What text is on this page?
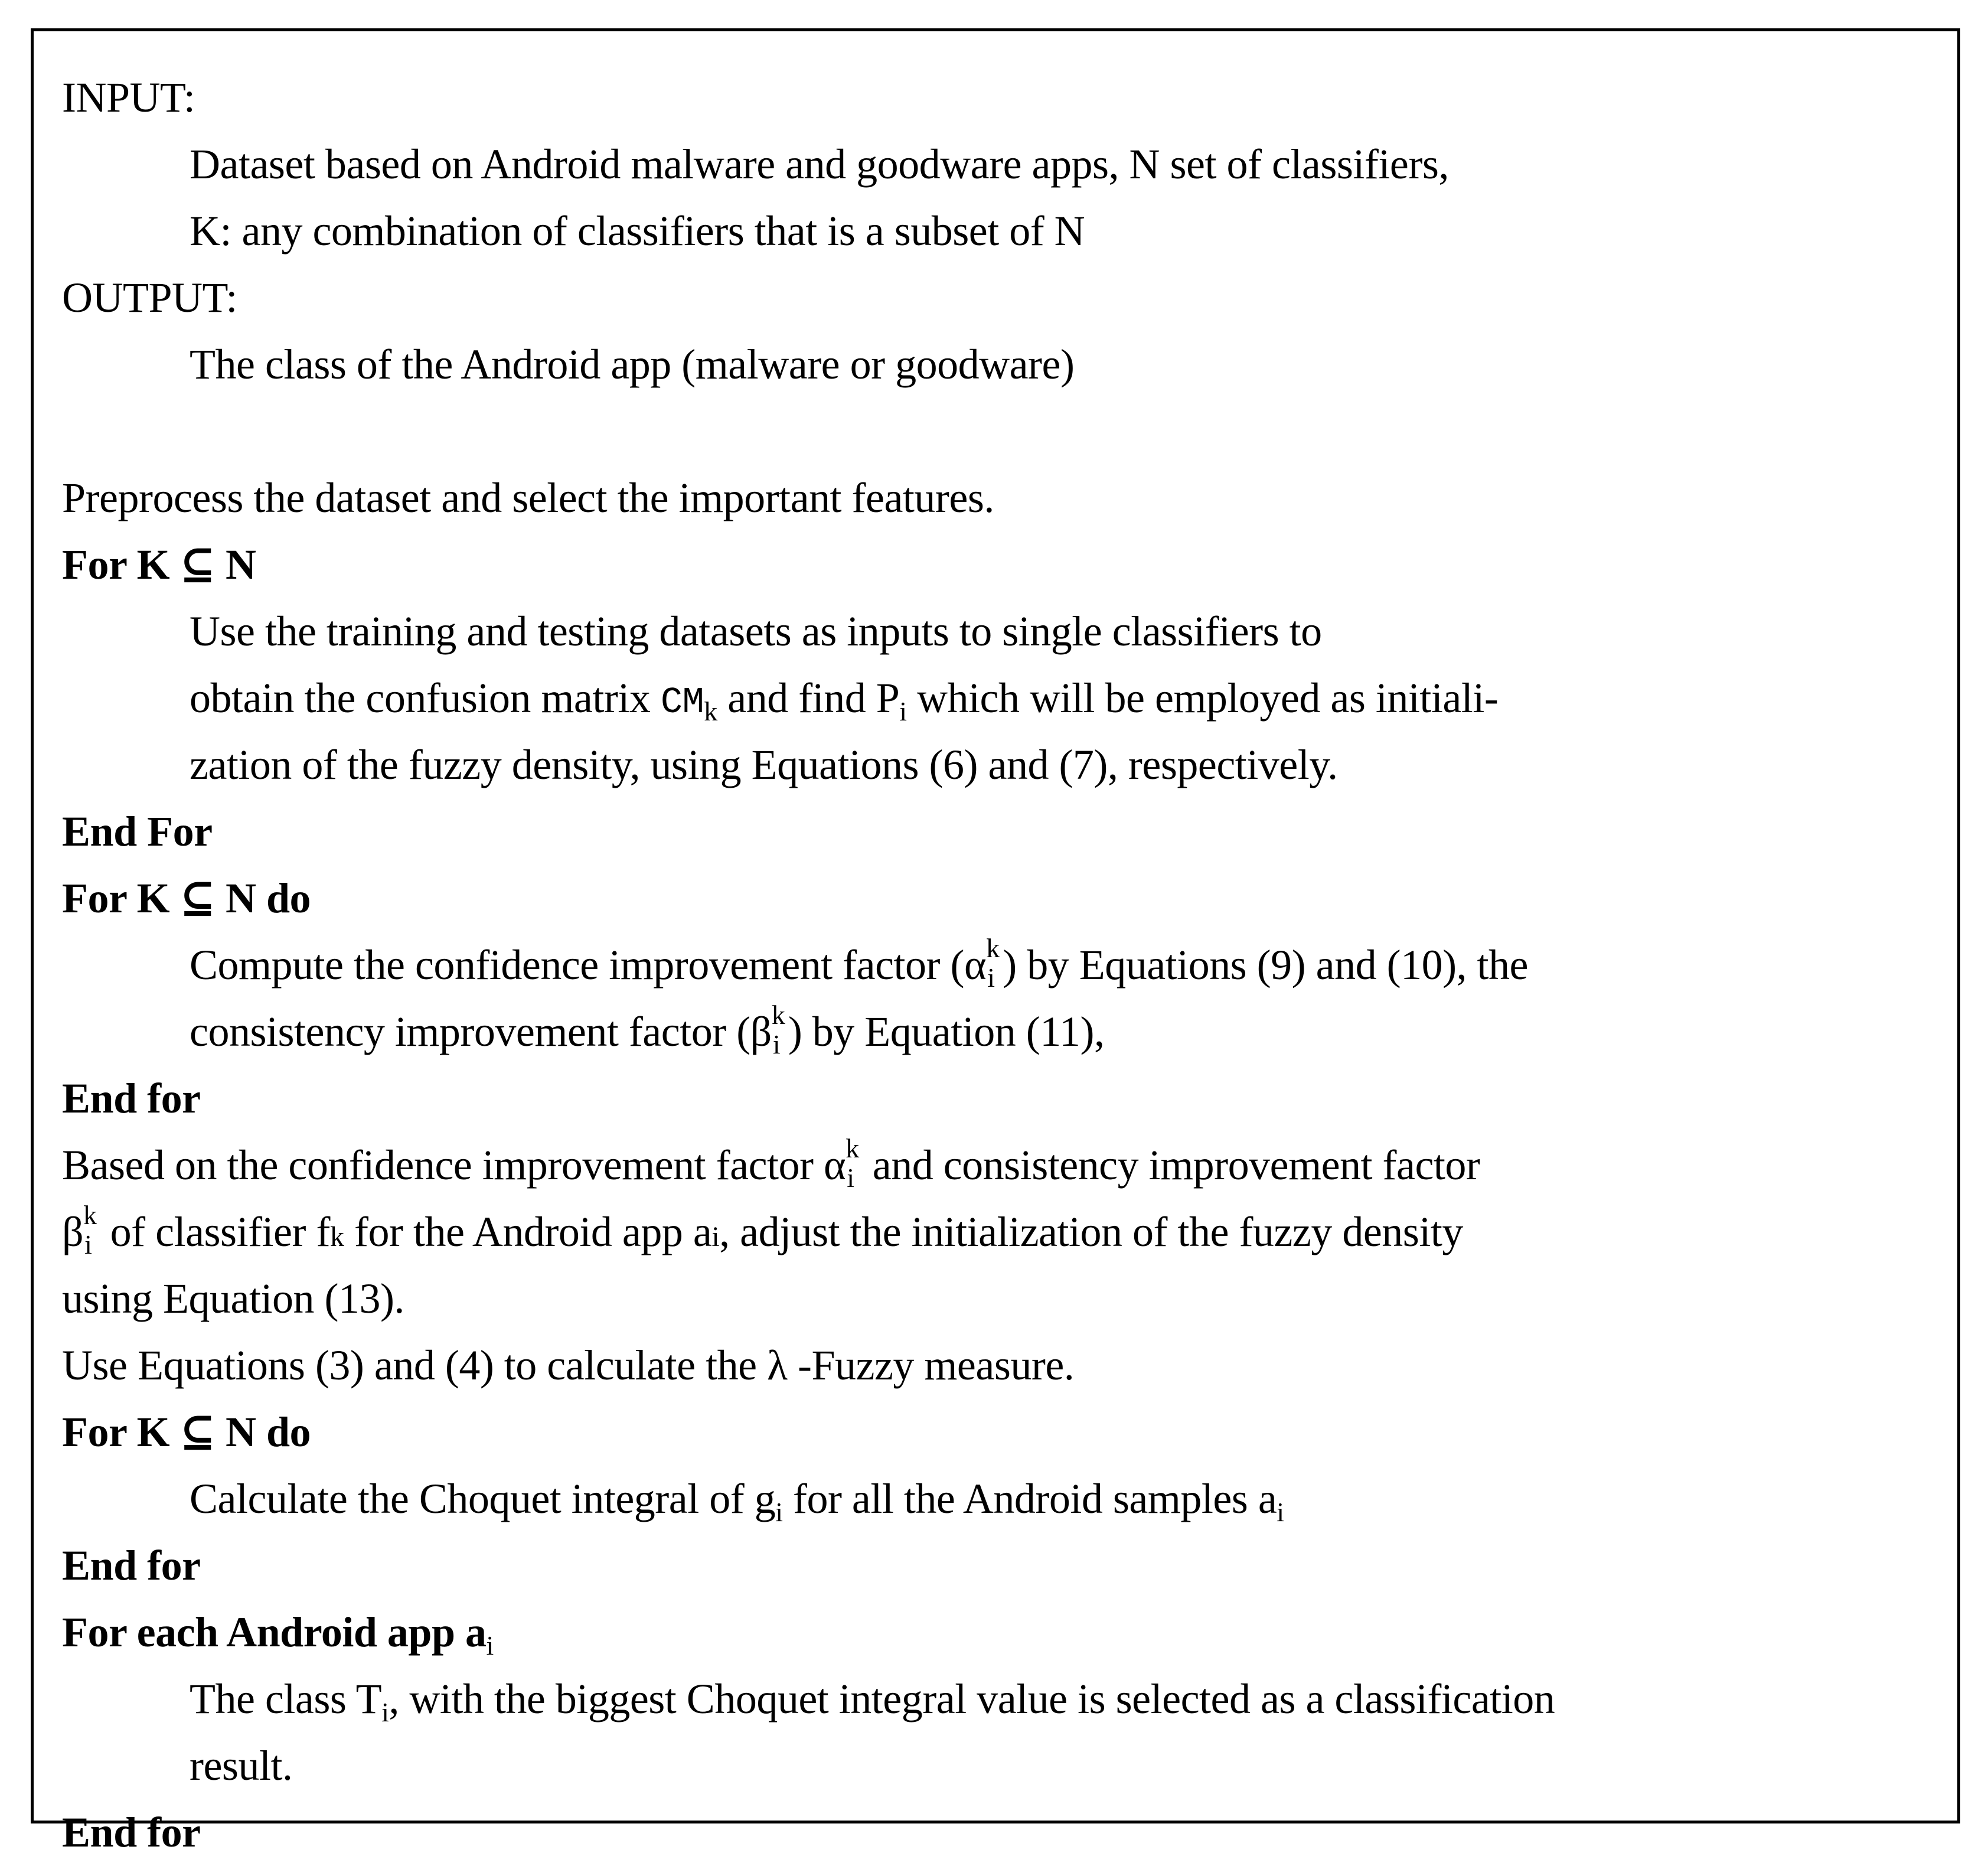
INPUT:
Dataset based on Android malware and goodware apps, N set of classifiers,
K: any combination of classifiers that is a subset of N
OUTPUT:
The class of the Android app (malware or goodware)
Preprocess the dataset and select the important features.
For K ⊆ N
Use the training and testing datasets as inputs to single classifiers to
obtain the confusion matrix $CM_k$ and find $P_i$ which will be employed as initiali-
zation of the fuzzy density, using Equations (6) and (7), respectively.
End For
For K ⊆ N do
Compute the confidence improvement factor (α k
i ) by Equations (9) and (10), the
consistency improvement factor (β k
i ) by Equation (11),
End for
Based on the confidence improvement factor α k
i and consistency improvement factor
β k
i of classifier fk for the Android app ai, adjust the initialization of the fuzzy density
using Equation (13).
Use Equations (3) and (4) to calculate the λ -Fuzzy measure.
For K ⊆ N do
Calculate the Choquet integral of $g_i$ for all the Android samples $a_i$
End for
For each Android app $a_i$
The class $T_i$, with the biggest Choquet integral value is selected as a classification
result.
End for
